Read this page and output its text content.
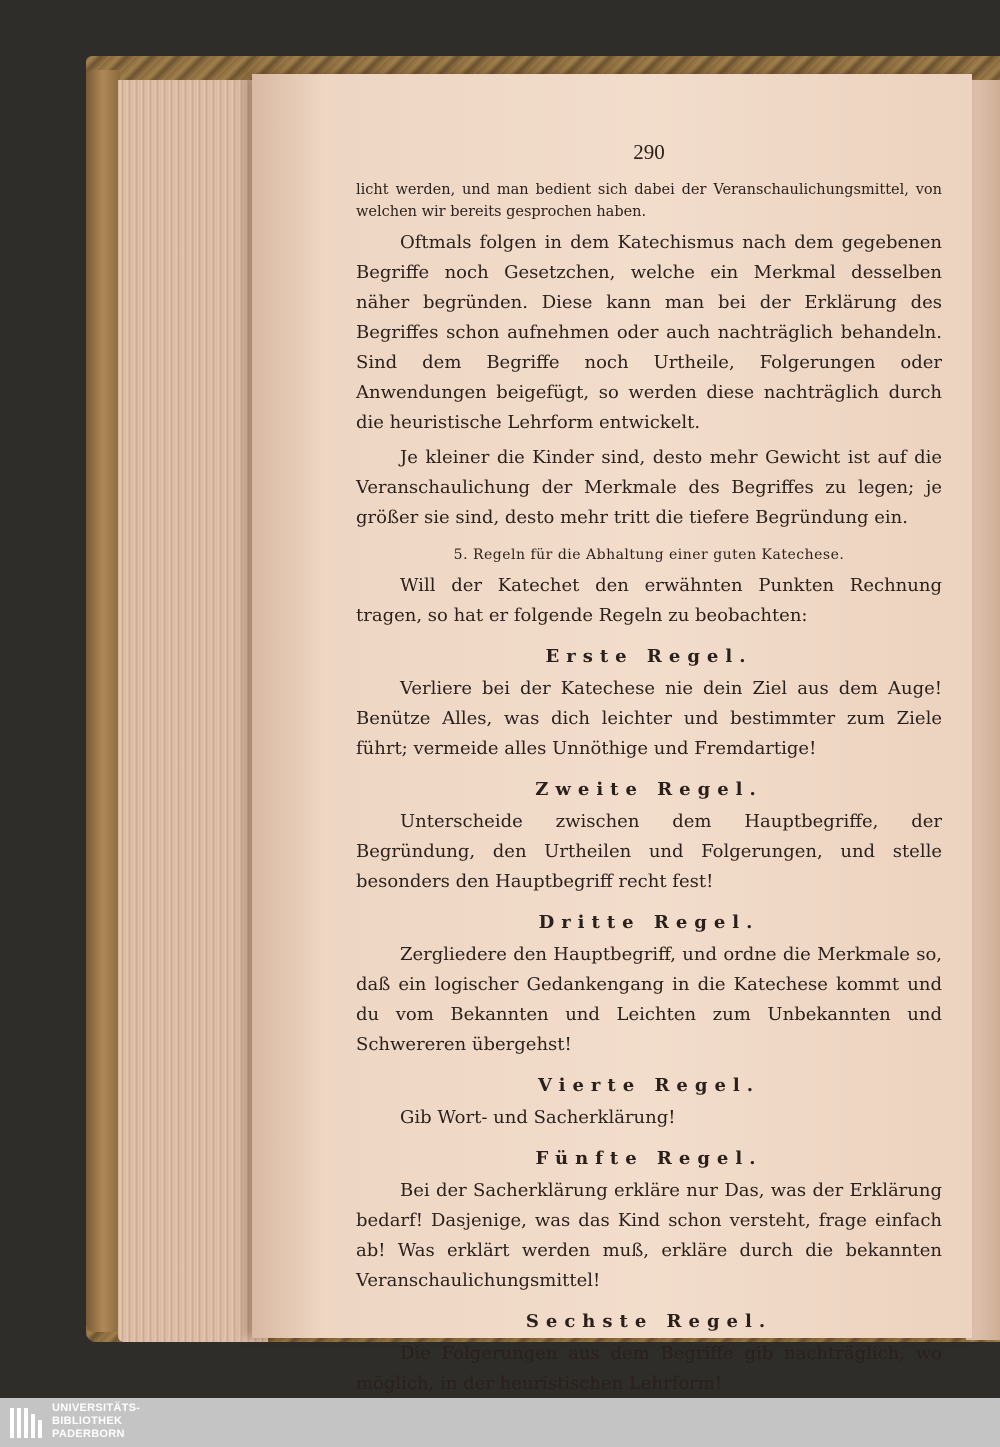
290

licht werden, und man bedient sich dabei der Veranschaulichungsmittel, von welchen wir bereits gesprochen haben.

Oftmals folgen in dem Katechismus nach dem gegebenen Begriffe noch Gesetzchen, welche ein Merkmal desselben näher begründen. Diese kann man bei der Erklärung des Begriffes schon aufnehmen oder auch nachträglich behandeln. Sind dem Begriffe noch Urtheile, Folgerungen oder Anwendungen beigefügt, so werden diese nachträglich durch die heuristische Lehrform entwickelt.

Je kleiner die Kinder sind, desto mehr Gewicht ist auf die Veranschaulichung der Merkmale des Begriffes zu legen; je größer sie sind, desto mehr tritt die tiefere Begründung ein.

5. Regeln für die Abhaltung einer guten Katechese.

Will der Katechet den erwähnten Punkten Rechnung tragen, so hat er folgende Regeln zu beobachten:

Erste Regel.

Verliere bei der Katechese nie dein Ziel aus dem Auge! Benütze Alles, was dich leichter und bestimmter zum Ziele führt; vermeide alles Unnöthige und Fremdartige!

Zweite Regel.

Unterscheide zwischen dem Hauptbegriffe, der Begründung, den Urtheilen und Folgerungen, und stelle besonders den Hauptbegriff recht fest!

Dritte Regel.

Zergliedere den Hauptbegriff, und ordne die Merkmale so, daß ein logischer Gedankengang in die Katechese kommt und du vom Bekannten und Leichten zum Unbekannten und Schwereren übergehst!

Vierte Regel.

Gib Wort- und Sacherklärung!

Fünfte Regel.

Bei der Sacherklärung erkläre nur Das, was der Erklärung bedarf! Dasjenige, was das Kind schon versteht, frage einfach ab! Was erklärt werden muß, erkläre durch die bekannten Veranschaulichungsmittel!

Sechste Regel.

Die Folgerungen aus dem Begriffe gib nachträglich, wo möglich, in der heuristischen Lehrform!

UNIVERSITÄTS-
BIBLIOTHEK
PADERBORN
